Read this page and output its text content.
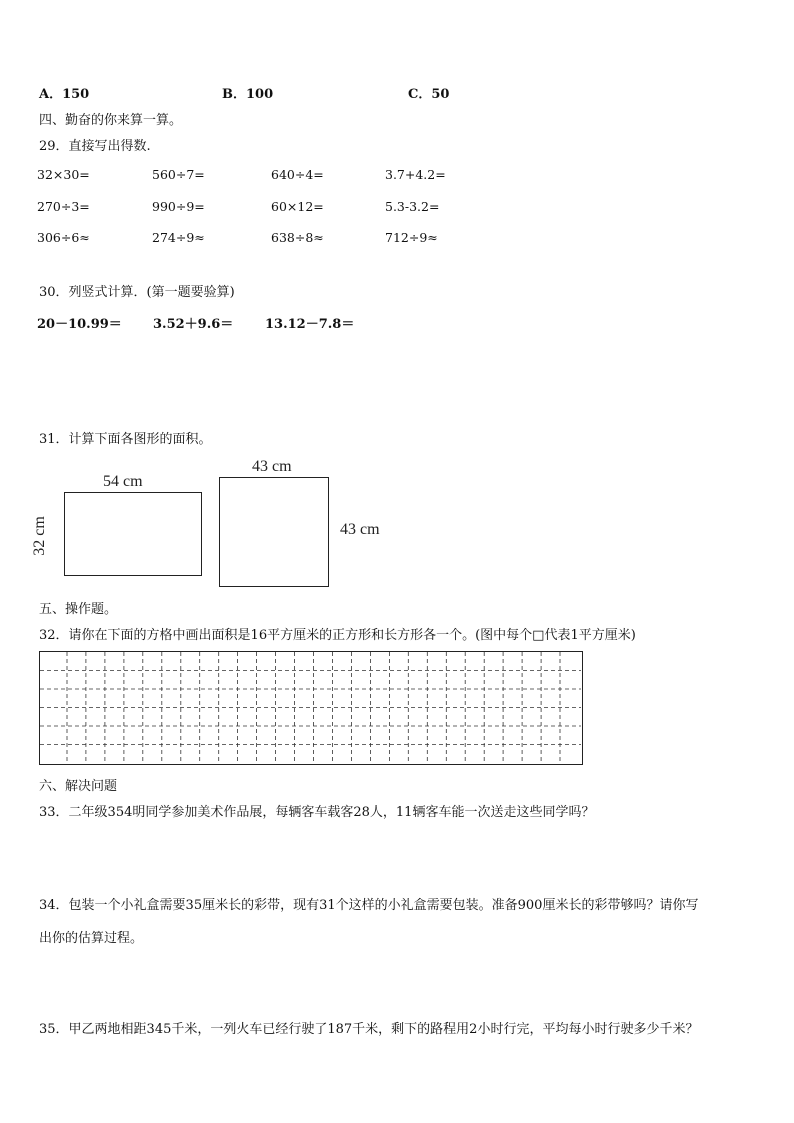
A．150	B．100	C．50
四、勤奋的你来算一算。
29．直接写出得数.
32×30=	560÷7=	640÷4=	3.7+4.2=
270÷3=	990÷9=	60×12=	5.3-3.2=
306÷6≈	274÷9≈	638÷8≈	712÷9≈
30．列竖式计算．(第一题要验算)
20－10.99＝ 3.52＋9.6＝ 13.12－7.8＝
31．计算下面各图形的面积。
54 cm
32 cm
43 cm
43 cm
五、操作题。
32．请你在下面的方格中画出面积是16平方厘米的正方形和长方形各一个。(图中每个□代表1平方厘米)
六、解决问题
33．二年级354明同学参加美术作品展，每辆客车载客28人，11辆客车能一次送走这些同学吗？
34．包装一个小礼盒需要35厘米长的彩带，现有31个这样的小礼盒需要包装。准备900厘米长的彩带够吗？请你写
出你的估算过程。
35．甲乙两地相距345千米，一列火车已经行驶了187千米，剩下的路程用2小时行完，平均每小时行驶多少千米？
